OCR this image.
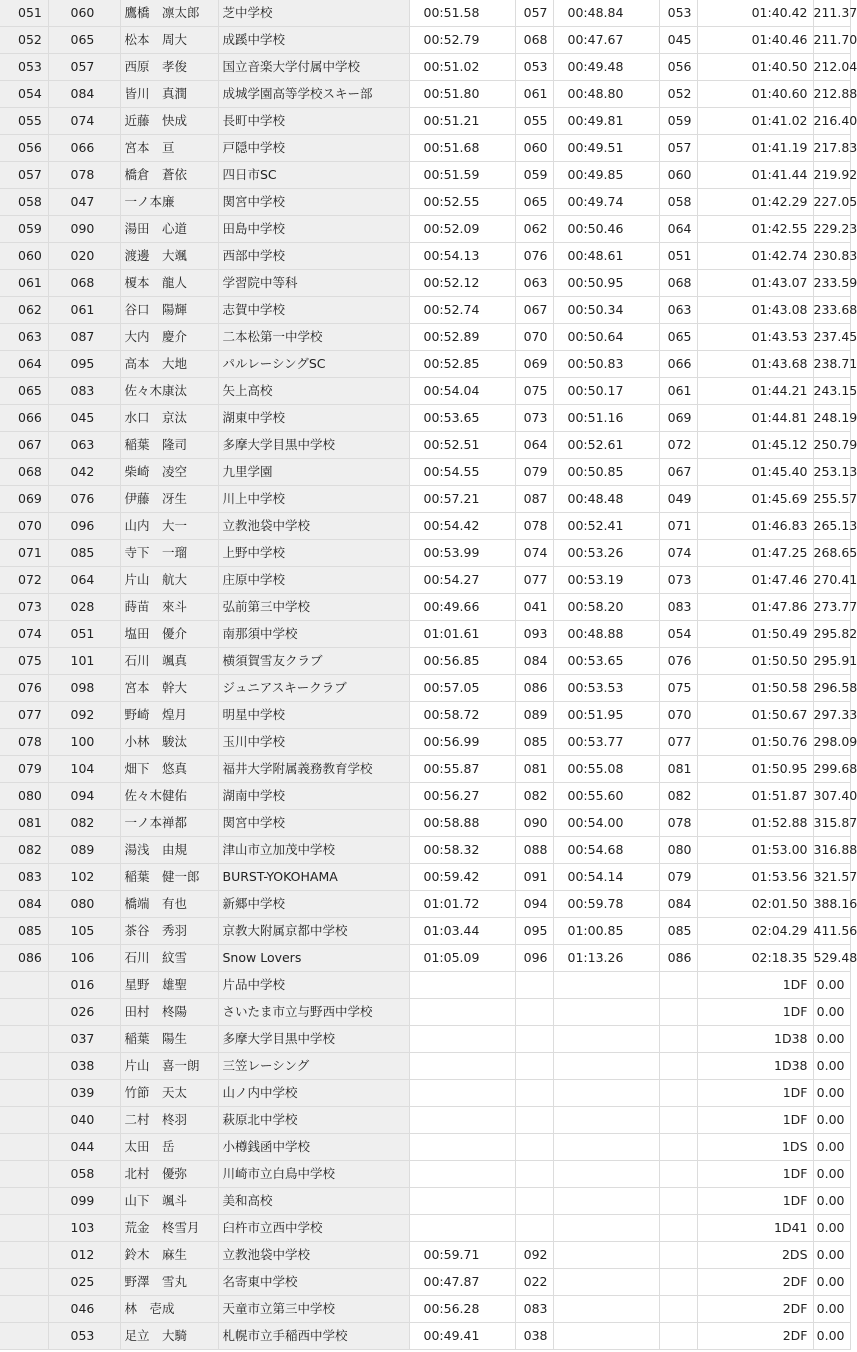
051	060	鷹橋　凛太郎	芝中学校	00:51.58	057	00:48.84	053	01:40.42	211.37
052	065	松本　周大	成蹊中学校	00:52.79	068	00:47.67	045	01:40.46	211.70
053	057	西原　孝俊	国立音楽大学付属中学校	00:51.02	053	00:49.48	056	01:40.50	212.04
054	084	皆川　真潤	成城学園高等学校スキー部	00:51.80	061	00:48.80	052	01:40.60	212.88
055	074	近藤　快成	長町中学校	00:51.21	055	00:49.81	059	01:41.02	216.40
056	066	宮本　亘	戸隠中学校	00:51.68	060	00:49.51	057	01:41.19	217.83
057	078	橋倉　蒼依	四日市SC	00:51.59	059	00:49.85	060	01:41.44	219.92
058	047	一ノ本廉	関宮中学校	00:52.55	065	00:49.74	058	01:42.29	227.05
059	090	湯田　心道	田島中学校	00:52.09	062	00:50.46	064	01:42.55	229.23
060	020	渡邊　大颯	西部中学校	00:54.13	076	00:48.61	051	01:42.74	230.83
061	068	榎本　龍人	学習院中等科	00:52.12	063	00:50.95	068	01:43.07	233.59
062	061	谷口　陽輝	志賀中学校	00:52.74	067	00:50.34	063	01:43.08	233.68
063	087	大内　慶介	二本松第一中学校	00:52.89	070	00:50.64	065	01:43.53	237.45
064	095	高本　大地	パルレーシングSC	00:52.85	069	00:50.83	066	01:43.68	238.71
065	083	佐々木康汰	矢上高校	00:54.04	075	00:50.17	061	01:44.21	243.15
066	045	水口　京汰	湖東中学校	00:53.65	073	00:51.16	069	01:44.81	248.19
067	063	稲葉　隆司	多摩大学目黒中学校	00:52.51	064	00:52.61	072	01:45.12	250.79
068	042	柴崎　凌空	九里学園	00:54.55	079	00:50.85	067	01:45.40	253.13
069	076	伊藤　冴生	川上中学校	00:57.21	087	00:48.48	049	01:45.69	255.57
070	096	山内　大一	立教池袋中学校	00:54.42	078	00:52.41	071	01:46.83	265.13
071	085	寺下　一瑠	上野中学校	00:53.99	074	00:53.26	074	01:47.25	268.65
072	064	片山　航大	庄原中学校	00:54.27	077	00:53.19	073	01:47.46	270.41
073	028	蒔苗　來斗	弘前第三中学校	00:49.66	041	00:58.20	083	01:47.86	273.77
074	051	塩田　優介	南那須中学校	01:01.61	093	00:48.88	054	01:50.49	295.82
075	101	石川　颯真	横須賀雪友クラブ	00:56.85	084	00:53.65	076	01:50.50	295.91
076	098	宮本　幹大	ジュニアスキークラブ	00:57.05	086	00:53.53	075	01:50.58	296.58
077	092	野崎　煌月	明星中学校	00:58.72	089	00:51.95	070	01:50.67	297.33
078	100	小林　駿汰	玉川中学校	00:56.99	085	00:53.77	077	01:50.76	298.09
079	104	畑下　悠真	福井大学附属義務教育学校	00:55.87	081	00:55.08	081	01:50.95	299.68
080	094	佐々木健佑	湖南中学校	00:56.27	082	00:55.60	082	01:51.87	307.40
081	082	一ノ本禅都	関宮中学校	00:58.88	090	00:54.00	078	01:52.88	315.87
082	089	湯浅　由規	津山市立加茂中学校	00:58.32	088	00:54.68	080	01:53.00	316.88
083	102	稲葉　健一郎	BURST-YOKOHAMA	00:59.42	091	00:54.14	079	01:53.56	321.57
084	080	橋端　有也	新郷中学校	01:01.72	094	00:59.78	084	02:01.50	388.16
085	105	茶谷　秀羽	京教大附属京都中学校	01:03.44	095	01:00.85	085	02:04.29	411.56
086	106	石川　紋雪	Snow Lovers	01:05.09	096	01:13.26	086	02:18.35	529.48
	016	星野　雄聖	片品中学校					1DF	0.00
	026	田村　柊陽	さいたま市立与野西中学校					1DF	0.00
	037	稲葉　陽生	多摩大学目黒中学校					1D38	0.00
	038	片山　喜一朗	三笠レーシング					1D38	0.00
	039	竹節　天太	山ノ内中学校					1DF	0.00
	040	二村　柊羽	萩原北中学校					1DF	0.00
	044	太田　岳	小樽銭函中学校					1DS	0.00
	058	北村　優弥	川崎市立白鳥中学校					1DF	0.00
	099	山下　颯斗	美和高校					1DF	0.00
	103	荒金　柊雪月	臼杵市立西中学校					1D41	0.00
	012	鈴木　麻生	立教池袋中学校	00:59.71	092			2DS	0.00
	025	野澤　雪丸	名寄東中学校	00:47.87	022			2DF	0.00
	046	林　壱成	天童市立第三中学校	00:56.28	083			2DF	0.00
	053	足立　大騎	札幌市立手稲西中学校	00:49.41	038			2DF	0.00
